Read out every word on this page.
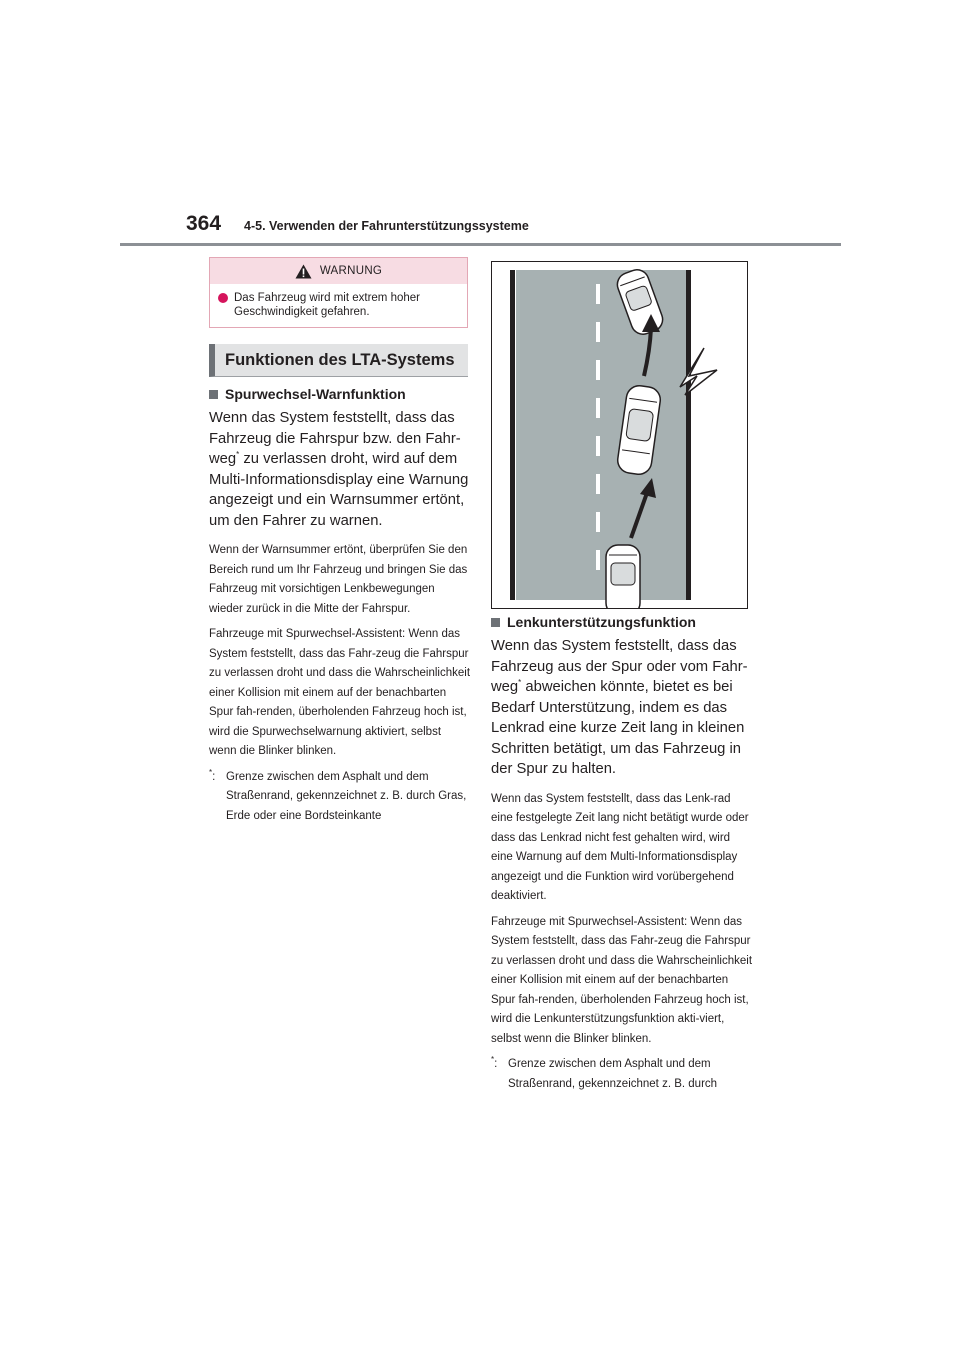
364 4-5. Verwenden der Fahrunterstützungssysteme
WARNUNG
Das Fahrzeug wird mit extrem hoher Geschwindigkeit gefahren.
Funktionen des LTA-Systems
Spurwechsel-Warnfunktion

Wenn das System feststellt, dass das Fahrzeug die Fahrspur bzw. den Fahr-weg* zu verlassen droht, wird auf dem Multi-Informationsdisplay eine Warnung angezeigt und ein Warnsummer ertönt, um den Fahrer zu warnen.

Wenn der Warnsummer ertönt, überprüfen Sie den Bereich rund um Ihr Fahrzeug und bringen Sie das Fahrzeug mit vorsichtigen Lenkbewegungen wieder zurück in die Mitte der Fahrspur.

Fahrzeuge mit Spurwechsel-Assistent: Wenn das System feststellt, dass das Fahr-zeug die Fahrspur zu verlassen droht und dass die Wahrscheinlichkeit einer Kollision mit einem auf der benachbarten Spur fah-renden, überholenden Fahrzeug hoch ist, wird die Spurwechselwarnung aktiviert, selbst wenn die Blinker blinken.

*: Grenze zwischen dem Asphalt und dem Straßenrand, gekennzeichnet z. B. durch Gras, Erde oder eine Bordsteinkante
Lenkunterstützungsfunktion

Wenn das System feststellt, dass das Fahrzeug aus der Spur oder vom Fahr-weg* abweichen könnte, bietet es bei Bedarf Unterstützung, indem es das Lenkrad eine kurze Zeit lang in kleinen Schritten betätigt, um das Fahrzeug in der Spur zu halten.

Wenn das System feststellt, dass das Lenk-rad eine festgelegte Zeit lang nicht betätigt wurde oder dass das Lenkrad nicht fest gehalten wird, wird eine Warnung auf dem Multi-Informationsdisplay angezeigt und die Funktion wird vorübergehend deaktiviert.

Fahrzeuge mit Spurwechsel-Assistent: Wenn das System feststellt, dass das Fahr-zeug die Fahrspur zu verlassen droht und dass die Wahrscheinlichkeit einer Kollision mit einem auf der benachbarten Spur fah-renden, überholenden Fahrzeug hoch ist, wird die Lenkunterstützungsfunktion akti-viert, selbst wenn die Blinker blinken.

*: Grenze zwischen dem Asphalt und dem Straßenrand, gekennzeichnet z. B. durch
